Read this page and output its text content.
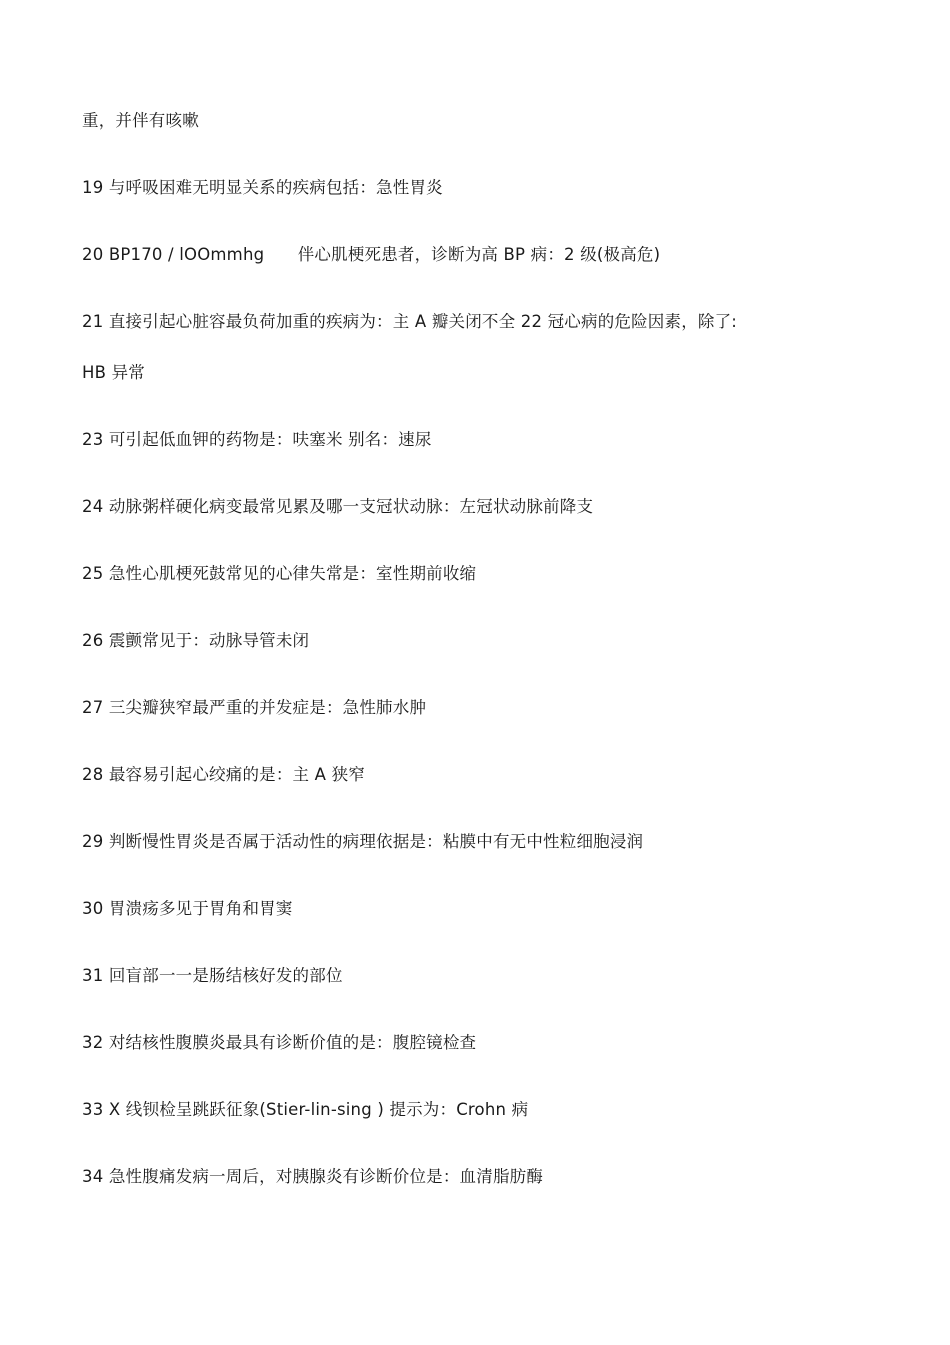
重，并伴有咳嗽
19 与呼吸困难无明显关系的疾病包括：急性胃炎
20 BP170 / lOOmmhg　　伴心肌梗死患者，诊断为高 BP 病：2 级(极高危)
21 直接引起心脏容最负荷加重的疾病为：主 A 瓣关闭不全 22 冠心病的危险因素，除了:
HB 异常
23 可引起低血钾的药物是：呋塞米 别名：速尿
24 动脉粥样硬化病变最常见累及哪一支冠状动脉：左冠状动脉前降支
25 急性心肌梗死鼓常见的心律失常是：室性期前收缩
26 震颤常见于：动脉导管未闭
27 三尖瓣狭窄最严重的并发症是：急性肺水肿
28 最容易引起心绞痛的是：主 A 狭窄
29 判断慢性胃炎是否属于活动性的病理依据是：粘膜中有无中性粒细胞浸润
30 胃溃疡多见于胃角和胃窦
31 回盲部一一是肠结核好发的部位
32 对结核性腹膜炎最具有诊断价值的是：腹腔镜检查
33 X 线钡检呈跳跃征象(Stier-lin-sing ) 提示为：Crohn 病
34 急性腹痛发病一周后，对胰腺炎有诊断价位是：血清脂肪酶
